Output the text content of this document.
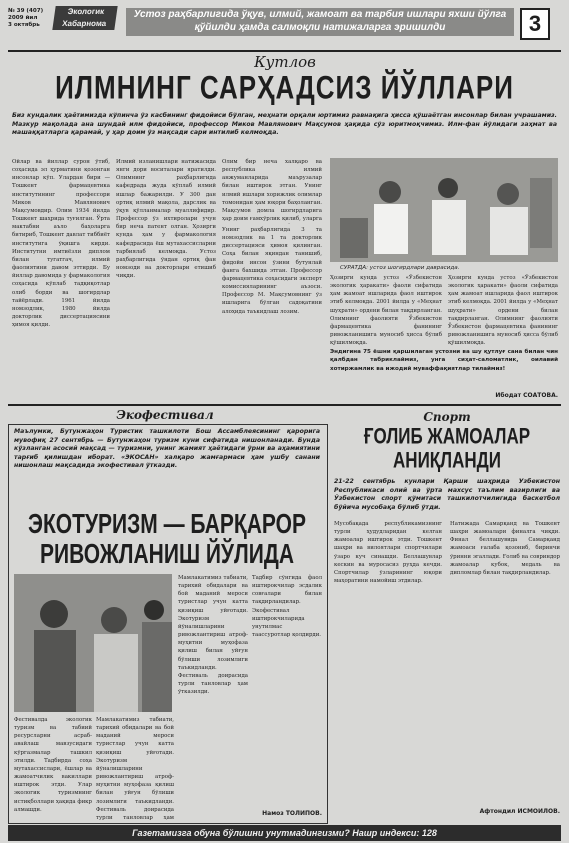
№ 39 (407)
2009 йил
3 октябрь
Экологик
Хабарнома
Устоз раҳбарлигида ўқув, илмий, жамоат ва тарбия ишлари яхши йўлга қўйилди ҳамда салмоқли натижаларга эришилди	3
Кутлов
ИЛМНИНГ САРҲАДСИЗ ЙЎЛЛАРИ
Биз кундалик ҳаётимизда кўпинча ўз касбининг фидойиси бўлган, меҳнати орқали юртимиз равнақига ҳисса қўшаётган инсонлар билан учрашамиз. Мазкур мақолада ана шундай илм фидойиси, профессор Миков Мавлянович Мақсумов ҳақида сўз юритмоқчимиз. Илм-фан йўлидаги заҳмат ва машаққатларга қарамай, у ҳар доим ўз мақсади сари интилиб келмоқда.
Ойлар ва йиллар сурон ўтиб, соҳасида эл ҳурматини қозонган инсонлар кўп. Улардан бири — Тошкент фармацевтика институтининг профессори Миков Мавлянович Мақсумовдир. Олим 1934 йилда Тошкент шаҳрида туғилган. Ўрта мактабни аъло баҳоларга битириб, Тошкент давлат тиббиёт институтига ўқишга кирди. Институтни имтиёзли диплом билан тугатгач, илмий фаолиятини давом эттирди. Бу йиллар давомида у фармакология соҳасида кўплаб тадқиқотлар олиб борди ва шогирдлар тайёрлади. 1961 йилда номзодлик, 1980 йилда докторлик диссертациясини ҳимоя қилди.
Илмий изланишлари натижасида янги дори воситалари яратилди. Олимнинг раҳбарлигида кафедрада жуда кўплаб илмий ишлар бажарилди. У 300 дан ортиқ илмий мақола, дарслик ва ўқув қўлланмалар муаллифидир. Профессор ўз ихтиролари учун бир неча патент олган. Ҳозирги кунда ҳам у фармакология кафедрасида ёш мутахассисларни тарбиялаб келмоқда. Устоз раҳбарлигида ўндан ортиқ фан номзоди ва докторлари етишиб чиқди.
Олим бир неча халқаро ва республика илмий анжуманларида маърузалар билан иштирок этган. Унинг илмий ишлари хорижлик олимлар томонидан ҳам юқори баҳоланган. Мақсумов домла шогирдларига ҳар доим ғамхўрлик қилиб, уларга
СУРАТДА: устоз шогирдлари даврасида.
Унинг раҳбарлигида 3 та номзодлик ва 1 та докторлик диссертацияси ҳимоя қилинган. Соҳа билан яқиндан танишиб, фидойи инсон ўзини бутунлай фанга бахшида этган. Профессор фармацевтика соҳасидаги эксперт комиссияларининг аъзоси. Профессор М. Мақсумовнинг ўз ишларига бўлган садоқатини алоҳида таъкидлаш лозим.
Ҳозирги кунда устоз «Ўзбекистон экологик ҳаракати» фаоли сифатида ҳам жамоат ишларида фаол иштирок этиб келмоқда. 2001 йилда у «Меҳнат шуҳрати» ордени билан тақдирланган. Олимнинг фаолияти Ўзбекистон фармацевтика фанининг ривожланишига муносиб ҳисса бўлиб қўшилмоқда.
Ҳозирги кунда устоз «Ўзбекистон экологик ҳаракати» фаоли сифатида ҳам жамоат ишларида фаол иштирок этиб келмоқда. 2001 йилда у «Меҳнат шуҳрати» ордени билан тақдирланган. Олимнинг фаолияти Ўзбекистон фармацевтика фанининг ривожланишига муносиб ҳисса бўлиб қўшилмоқда.
Эндигина 75 ёшни қаршилаган устозни ва шу қутлуғ сана билан чин қалбдан табриклаймиз, унга сиҳат-саломатлик, оилавий хотиржамлик ва ижодий муваффақиятлар тилаймиз!
Ибодат СОАТОВА.
Экофестивал
Маълумки, Бутунжаҳон Туристик ташкилоти Бош Ассамблеясининг қарорига мувофиқ 27 сентябрь — Бутунжаҳон туризм куни сифатида нишонланади. Бунда кўзланган асосий мақсад — туризмни, унинг жамият ҳаётидаги ўрни ва аҳамиятини тарғиб қилишдан иборат. «ЭКОСАН» халқаро жамғармаси ҳам ушбу санани нишонлаш мақсадида экофестивал ўтказди.
ЭКОТУРИЗМ — БАРҚАРОР
РИВОЖЛАНИШ ЙЎЛИДА
Мамлакатимиз табиати, тарихий обидалари ва бой маданий мероси туристлар учун катта қизиқиш уйғотади. Экотуризм йўналишларини ривожлантириш атроф-муҳитни муҳофаза қилиш билан уйғун бўлиши лозимлиги таъкидланди. Фестиваль доирасида турли танловлар ҳам ўтказилди.
Тадбир сўнгида фаол иштирокчилар эсдалик совғалари билан тақдирландилар. Экофестивал иштирокчиларида унутилмас таассуротлар қолдирди.
Фестивалда экологик туризм ва табиий ресурсларни асраб-авайлаш мавзусидаги кўргазмалар ташкил этилди. Тадбирда соҳа мутахассислари, ёшлар ва жамоатчилик вакиллари иштирок этди. Улар экологик туризмнинг истиқболлари ҳақида фикр алмашди.
Мамлакатимиз табиати, тарихий обидалари ва бой маданий мероси туристлар учун катта қизиқиш уйғотади. Экотуризм йўналишларини ривожлантириш атроф-муҳитни муҳофаза қилиш билан уйғун бўлиши лозимлиги таъкидланди. Фестиваль доирасида турли танловлар ҳам
Намоз ТОЛИПОВ.
Спорт
ҒОЛИБ ЖАМОАЛАР
АНИҚЛАНДИ
21-22 сентябрь кунлари Қарши шаҳрида Ўзбекистон Республикаси олий ва ўрта махсус таълим вазирлиги ва Ўзбекистон спорт қўмитаси ташкилотчилигида баскетбол бўйича мусобақа бўлиб ўтди.
Мусобақада республикамизнинг турли ҳудудларидан келган жамоалар иштирок этди. Тошкент шаҳри ва вилоятлари спортчилари ўзаро куч синашди. Беллашувлар кескин ва муросасиз руҳда кечди. Спортчилар ўзларининг юқори маҳоратини намойиш этдилар.
Натижада Самарқанд ва Тошкент шаҳри жамоалари финалга чиқди. Финал беллашувида Самарқанд жамоаси ғалаба қозониб, биринчи ўринни эгаллади. Ғолиб ва совриндор жамоалар кубок, медаль ва дипломлар билан тақдирландилар.
Афтондил ИСМОИЛОВ.
Газетамизга обуна бўлишни унутмадингизми? Нашр индекси: 128
